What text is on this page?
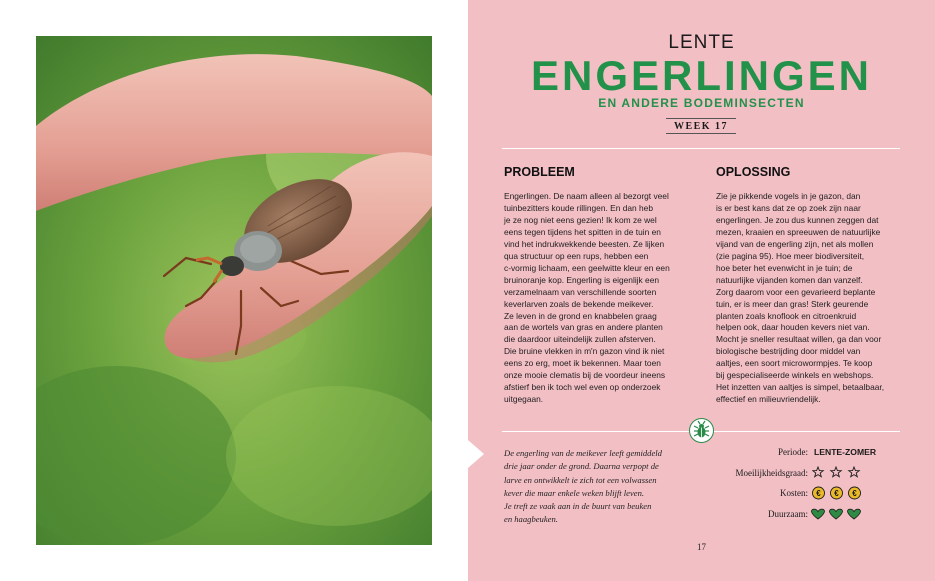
LENTE
ENGERLINGEN
EN ANDERE BODEMINSECTEN
WEEK 17
PROBLEEM
Engerlingen. De naam alleen al bezorgt veel
tuinbezitters koude rillingen. En dan heb
je ze nog niet eens gezien! Ik kom ze wel
eens tegen tijdens het spitten in de tuin en
vind het indrukwekkende beesten. Ze lijken
qua structuur op een rups, hebben een
c-vormig lichaam, een geelwitte kleur en een
bruinoranje kop. Engerling is eigenlijk een
verzamelnaam van verschillende soorten
keverlarven zoals de bekende meikever.
Ze leven in de grond en knabbelen graag
aan de wortels van gras en andere planten
die daardoor uiteindelijk zullen afsterven.
Die bruine vlekken in m'n gazon vind ik niet
eens zo erg, moet ik bekennen. Maar toen
onze mooie clematis bij de voordeur ineens
afstierf ben ik toch wel even op onderzoek
uitgegaan.
OPLOSSING
Zie je pikkende vogels in je gazon, dan
is er best kans dat ze op zoek zijn naar
engerlingen. Je zou dus kunnen zeggen dat
mezen, kraaien en spreeuwen de natuurlijke
vijand van de engerling zijn, net als mollen
(zie pagina 95). Hoe meer biodiversiteit,
hoe beter het evenwicht in je tuin; de
natuurlijke vijanden komen dan vanzelf.
Zorg daarom voor een gevarieerd beplante
tuin, er is meer dan gras! Sterk geurende
planten zoals knoflook en citroenkruid
helpen ook, daar houden kevers niet van.
Mocht je sneller resultaat willen, ga dan voor
biologische bestrijding door middel van
aaltjes, een soort microwormpjes. Te koop
bij gespecialiseerde winkels en webshops.
Het inzetten van aaltjes is simpel, betaalbaar,
effectief en milieuvriendelijk.
De engerling van de meikever leeft gemiddeld
drie jaar onder de grond. Daarna verpopt de
larve en ontwikkelt ie zich tot een volwassen
kever die maar enkele weken blijft leven.
Je treft ze vaak aan in de buurt van beuken
en haagbeuken.
Periode: LENTE-ZOMER
Moeilijkheidsgraad:
Kosten: € € €
Duurzaam:
17
